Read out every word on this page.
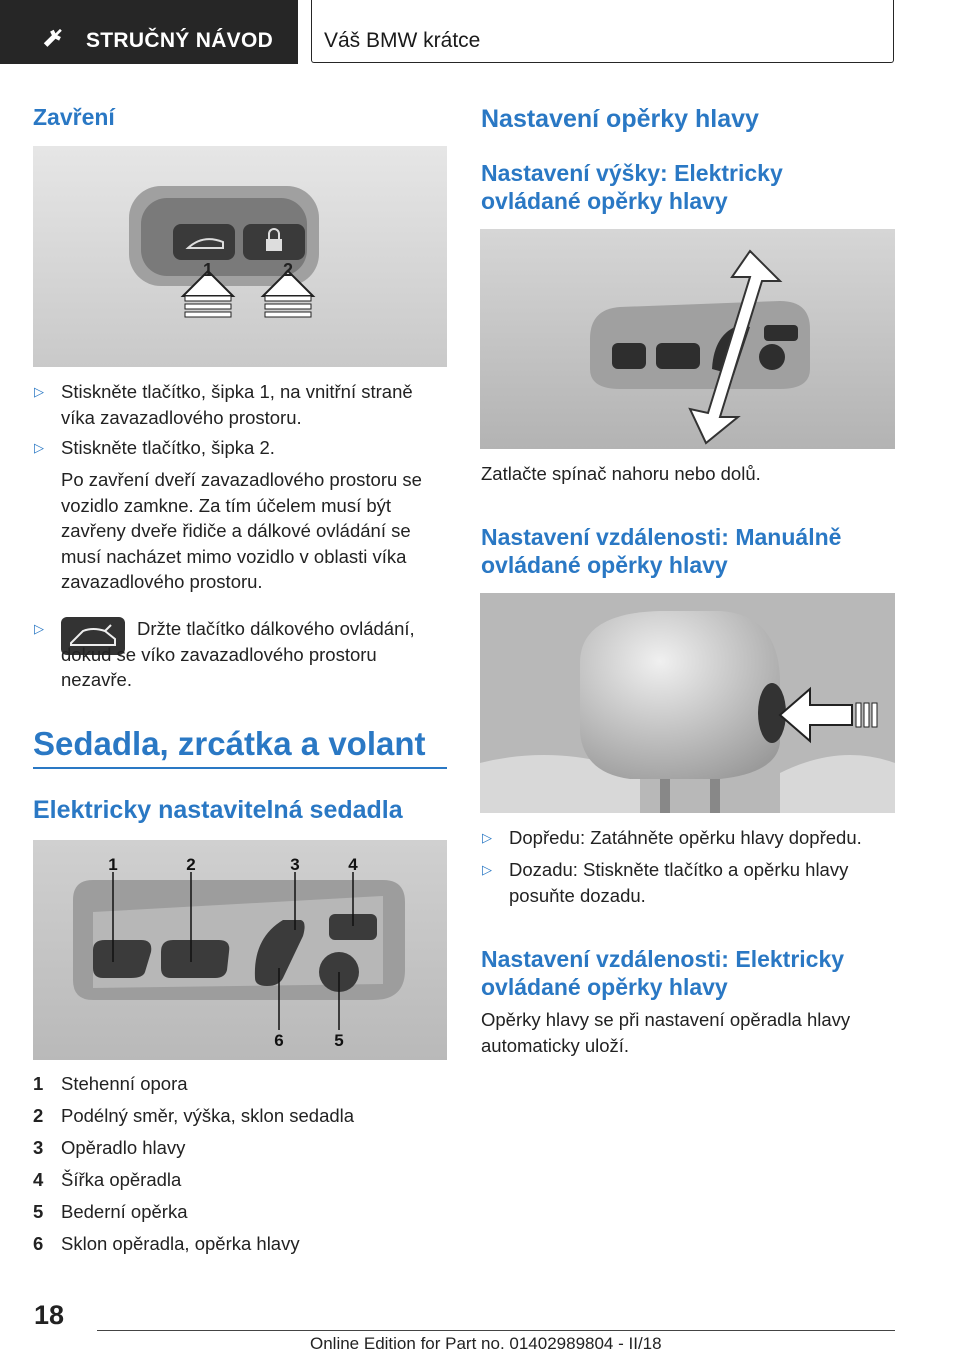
STRUČNÝ NÁVOD Váš BMW krátce
Zavření
1	2
▷ Stiskněte tlačítko, šipka 1, na vnitřní straně víka zavazadlového prostoru.
▷ Stiskněte tlačítko, šipka 2.
Po zavření dveří zavazadlového prostoru se vozidlo zamkne. Za tím účelem musí být zavřeny dveře řidiče a dálkové ovládání se musí nacházet mimo vozidlo v oblasti víka zavazadlového prostoru.
▷	Držte tlačítko dálkového ovládání, dokud se víko zavazadlového prostoru nezavře.
Sedadla, zrcátka a volant
Elektricky nastavitelná sedadla
1	2	3	4
6	5
1 Stehenní opora
2 Podélný směr, výška, sklon sedadla
3 Opěradlo hlavy
4 Šířka opěradla
5 Bederní opěrka
6 Sklon opěradla, opěrka hlavy
Nastavení opěrky hlavy
Nastavení výšky: Elektricky ovládané opěrky hlavy
Zatlačte spínač nahoru nebo dolů.
Nastavení vzdálenosti: Manuálně ovládané opěrky hlavy
▷ Dopředu: Zatáhněte opěrku hlavy dopředu.
▷ Dozadu: Stiskněte tlačítko a opěrku hlavy posuňte dozadu.
Nastavení vzdálenosti: Elektricky ovládané opěrky hlavy
Opěrky hlavy se při nastavení opěradla hlavy automaticky uloží.
18
Online Edition for Part no. 01402989804 - II/18
